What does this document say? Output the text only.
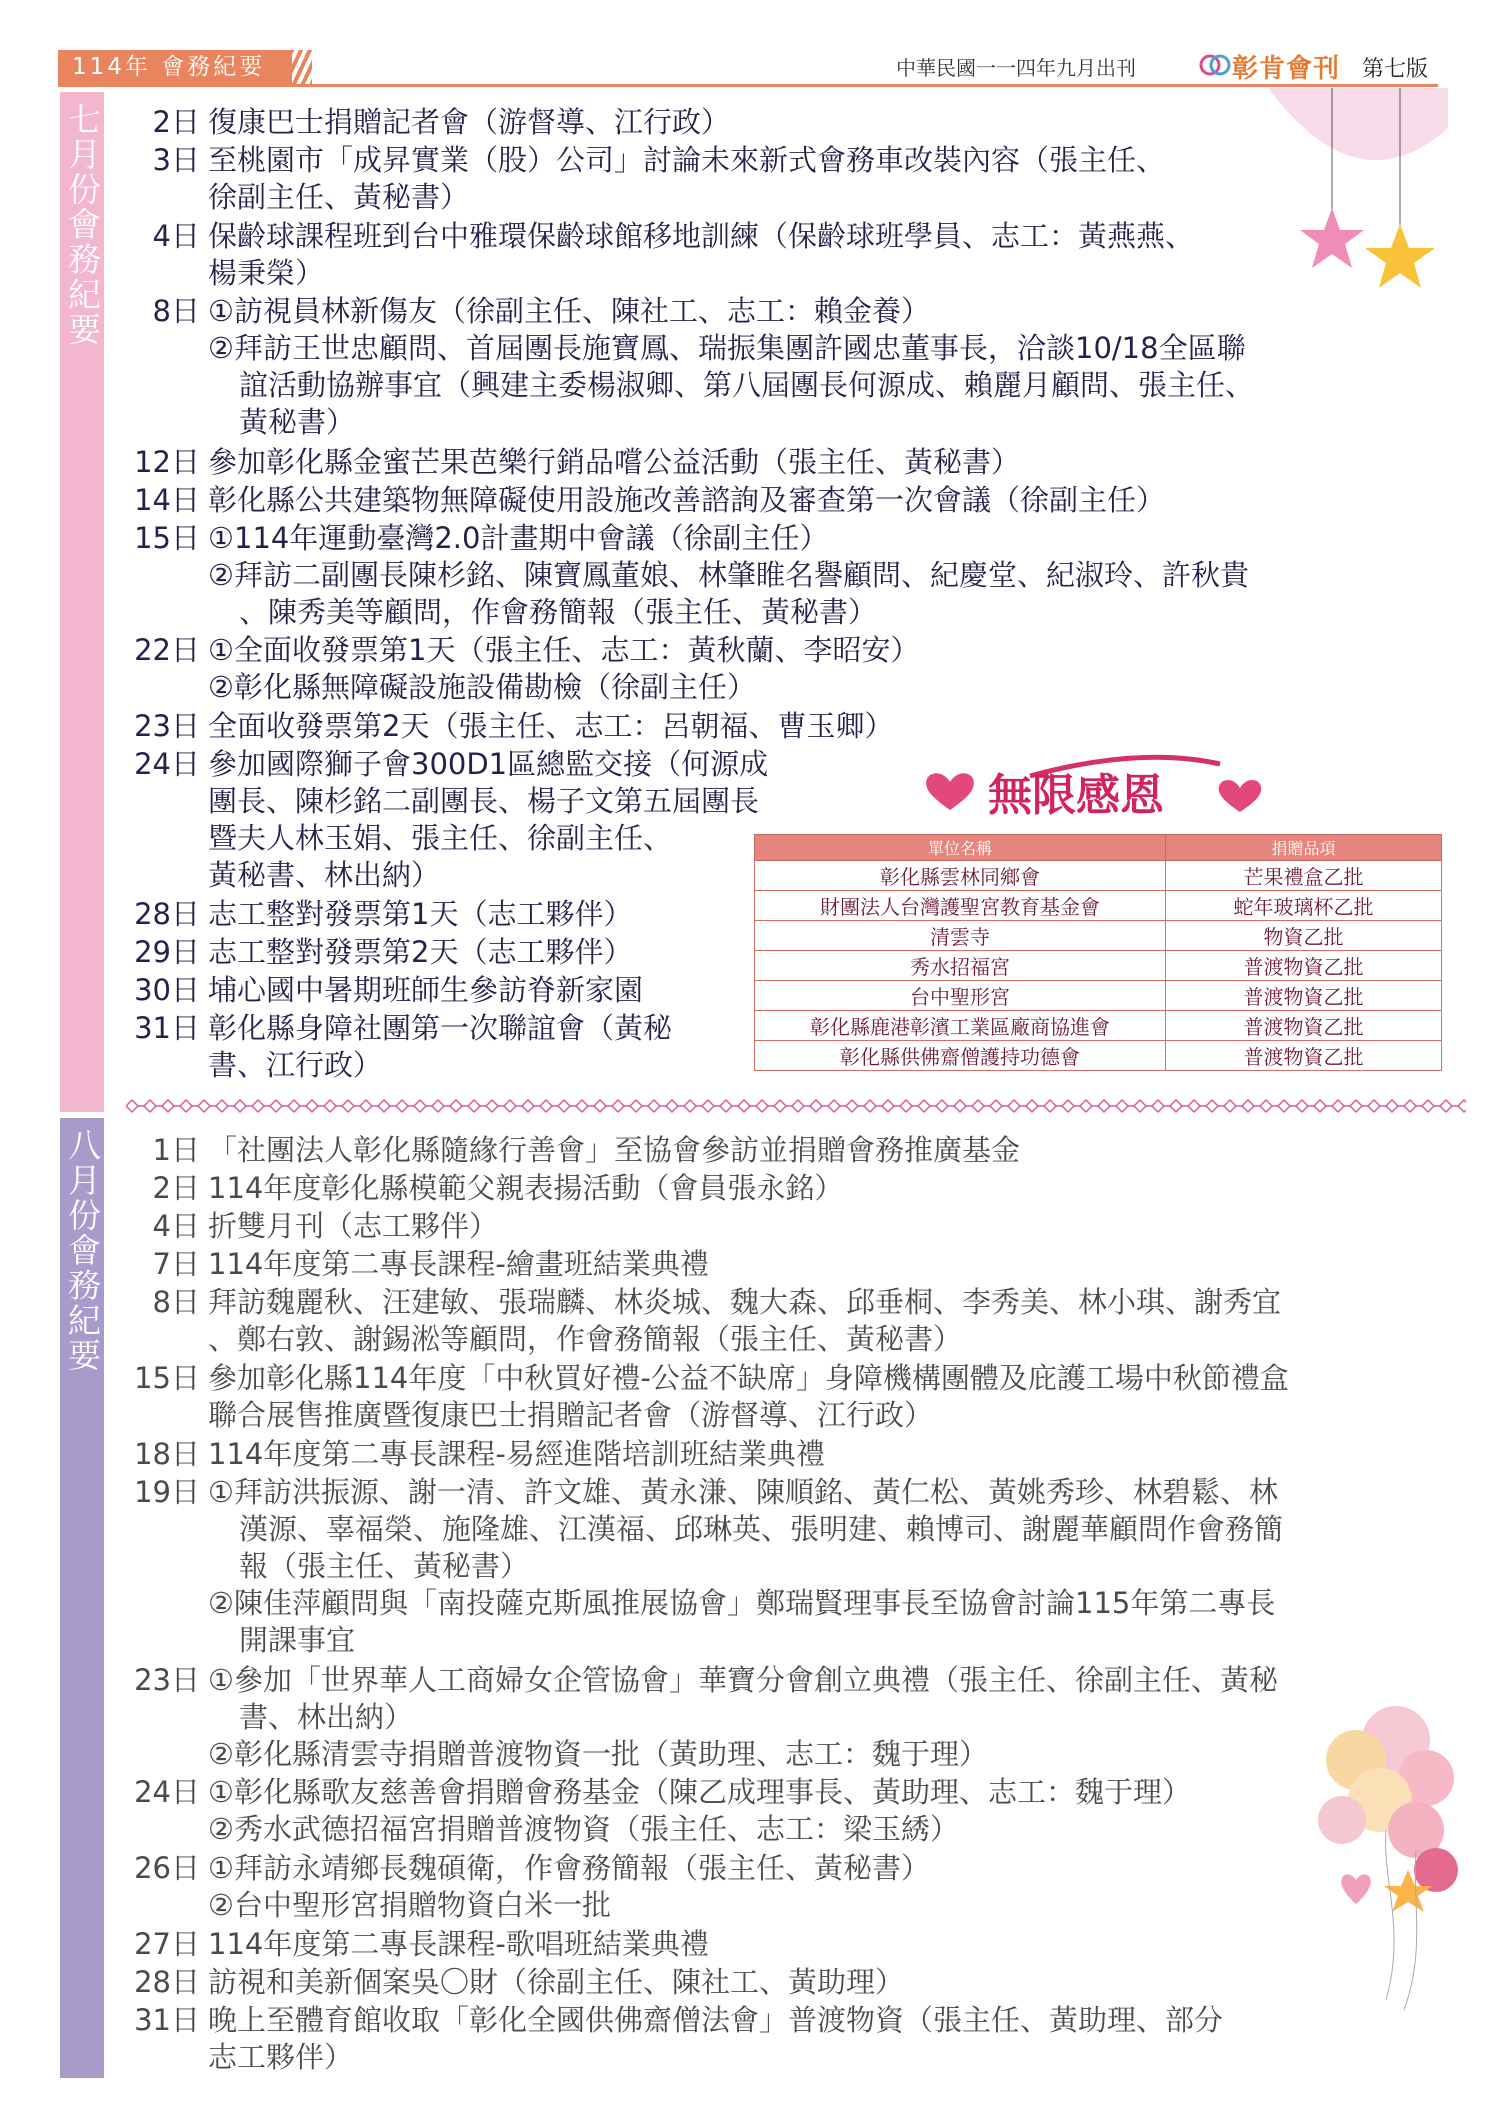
114年 會務紀要	中華民國一一四年九月出刊	彰肯會刊 第七版
七月份會務紀要	2日 復康巴士捐贈記者會（游督導、江行政）
3日 至桃園市「成昇實業（股）公司」討論未來新式會務車改裝內容（張主任、
徐副主任、黃秘書）
4日 保齡球課程班到台中雅環保齡球館移地訓練（保齡球班學員、志工：黃燕燕、
楊秉榮）
8日 ①訪視員林新傷友（徐副主任、陳社工、志工：賴金養）
②拜訪王世忠顧問、首屆團長施寶鳳、瑞振集團許國忠董事長，洽談10/18全區聯
誼活動協辦事宜（興建主委楊淑卿、第八屆團長何源成、賴麗月顧問、張主任、
黃秘書）
12日 參加彰化縣金蜜芒果芭樂行銷品嚐公益活動（張主任、黃秘書）
14日 彰化縣公共建築物無障礙使用設施改善諮詢及審查第一次會議（徐副主任）
15日 ①114年運動臺灣2.0計畫期中會議（徐副主任）
②拜訪二副團長陳杉銘、陳寶鳳董娘、林肇睢名譽顧問、紀慶堂、紀淑玲、許秋貴
、陳秀美等顧問，作會務簡報（張主任、黃秘書）
22日 ①全面收發票第1天（張主任、志工：黃秋蘭、李昭安）
②彰化縣無障礙設施設備勘檢（徐副主任）
23日 全面收發票第2天（張主任、志工：呂朝福、曹玉卿）
24日 參加國際獅子會300D1區總監交接（何源成
團長、陳杉銘二副團長、楊子文第五屆團長
暨夫人林玉娟、張主任、徐副主任、
黃秘書、林出納）
28日 志工整對發票第1天（志工夥伴）
29日 志工整對發票第2天（志工夥伴）
30日 埔心國中暑期班師生參訪脊新家園
31日 彰化縣身障社團第一次聯誼會（黃秘
書、江行政）
無限感恩
單位名稱	捐贈品項
彰化縣雲林同鄉會	芒果禮盒乙批
財團法人台灣護聖宮教育基金會	蛇年玻璃杯乙批
清雲寺	物資乙批
秀水招福宮	普渡物資乙批
台中聖形宮	普渡物資乙批
彰化縣鹿港彰濱工業區廠商協進會	普渡物資乙批
彰化縣供佛齋僧護持功德會	普渡物資乙批
八月份會務紀要	1日 「社團法人彰化縣隨緣行善會」至協會參訪並捐贈會務推廣基金
2日 114年度彰化縣模範父親表揚活動（會員張永銘）
4日 折雙月刊（志工夥伴）
7日 114年度第二專長課程-繪畫班結業典禮
8日 拜訪魏麗秋、汪建敏、張瑞麟、林炎城、魏大森、邱垂桐、李秀美、林小琪、謝秀宜
、鄭右敦、謝錫淞等顧問，作會務簡報（張主任、黃秘書）
15日 參加彰化縣114年度「中秋買好禮-公益不缺席」身障機構團體及庇護工場中秋節禮盒
聯合展售推廣暨復康巴士捐贈記者會（游督導、江行政）
18日 114年度第二專長課程-易經進階培訓班結業典禮
19日 ①拜訪洪振源、謝一清、許文雄、黃永溓、陳順銘、黃仁松、黃姚秀珍、林碧鬆、林
漢源、辜福榮、施隆雄、江漢福、邱琳英、張明建、賴博司、謝麗華顧問作會務簡
報（張主任、黃秘書）
②陳佳萍顧問與「南投薩克斯風推展協會」鄭瑞賢理事長至協會討論115年第二專長
開課事宜
23日 ①參加「世界華人工商婦女企管協會」華寶分會創立典禮（張主任、徐副主任、黃秘
書、林出納）
②彰化縣清雲寺捐贈普渡物資一批（黃助理、志工：魏于理）
24日 ①彰化縣歌友慈善會捐贈會務基金（陳乙成理事長、黃助理、志工：魏于理）
②秀水武德招福宮捐贈普渡物資（張主任、志工：梁玉綉）
26日 ①拜訪永靖鄉長魏碩衛，作會務簡報（張主任、黃秘書）
②台中聖形宮捐贈物資白米一批
27日 114年度第二專長課程-歌唱班結業典禮
28日 訪視和美新個案吳〇財（徐副主任、陳社工、黃助理）
31日 晚上至體育館收取「彰化全國供佛齋僧法會」普渡物資（張主任、黃助理、部分
志工夥伴）
